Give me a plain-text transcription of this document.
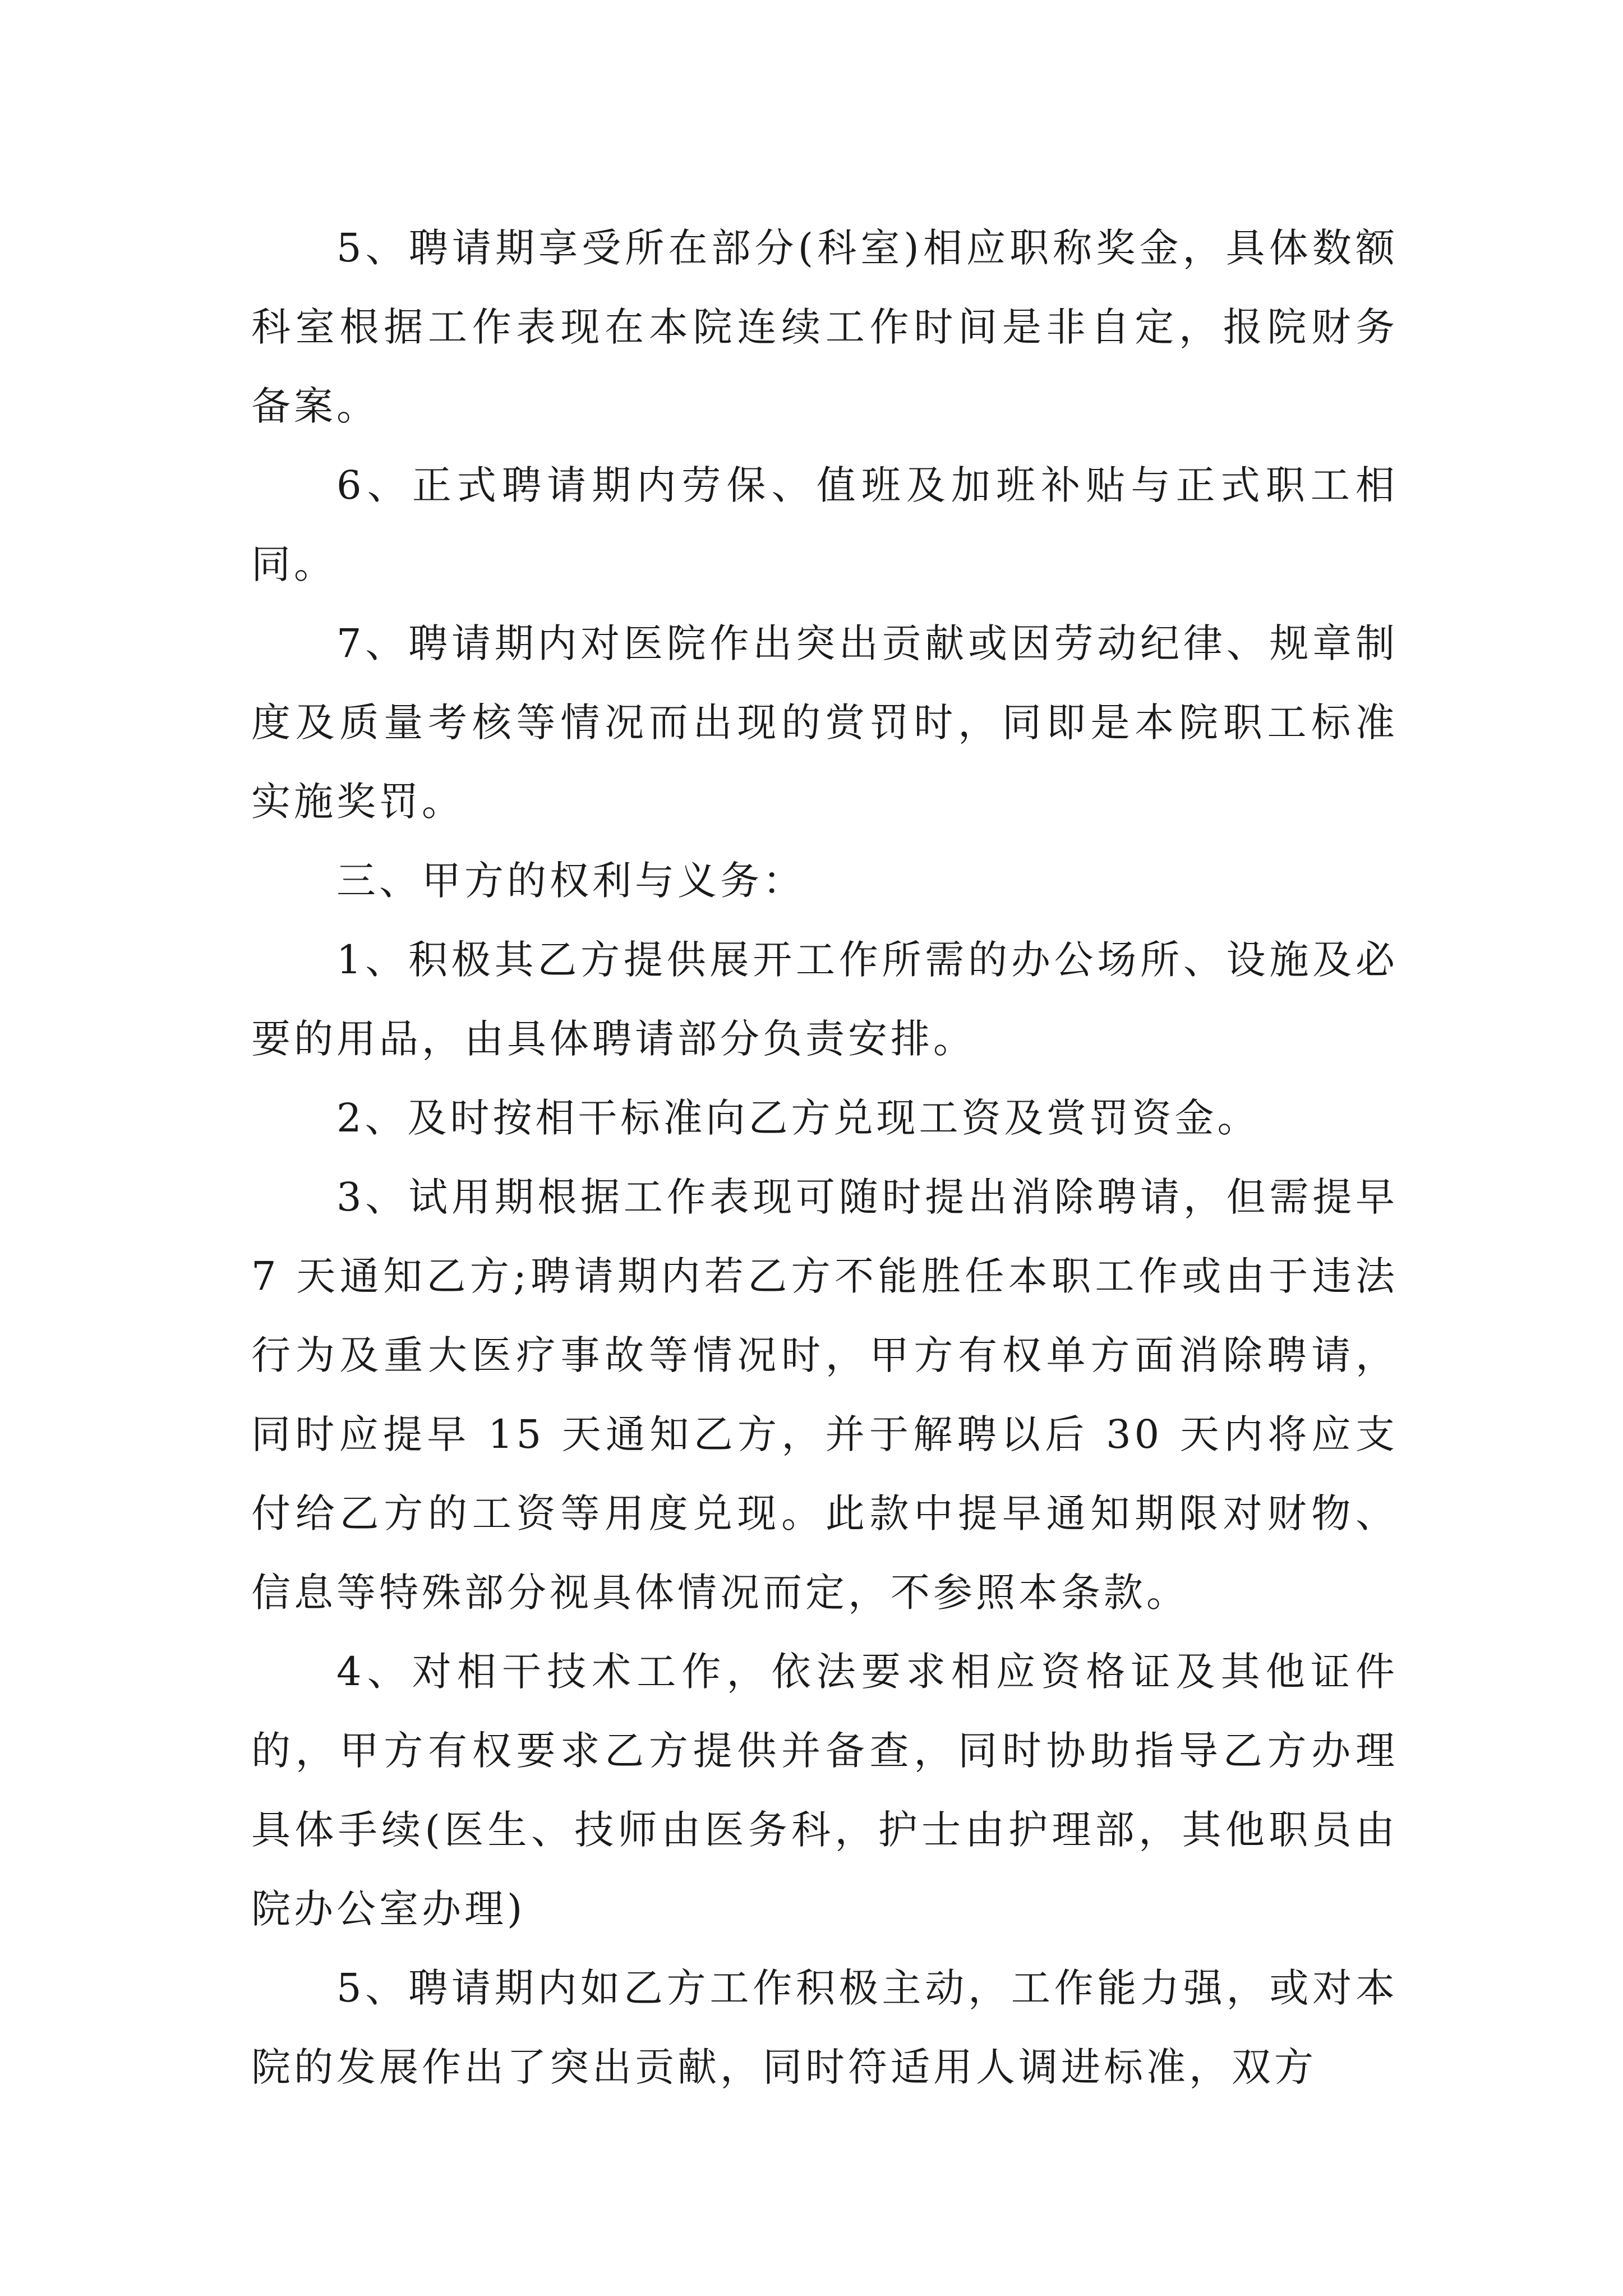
5、聘请期享受所在部分(科室)相应职称奖金，具体数额科室根据工作表现在本院连续工作时间是非自定，报院财务备案。

6、正式聘请期内劳保、值班及加班补贴与正式职工相同。

7、聘请期内对医院作出突出贡献或因劳动纪律、规章制度及质量考核等情况而出现的赏罚时，同即是本院职工标准实施奖罚。

三、甲方的权利与义务：

1、积极其乙方提供展开工作所需的办公场所、设施及必要的用品，由具体聘请部分负责安排。

2、及时按相干标准向乙方兑现工资及赏罚资金。

3、试用期根据工作表现可随时提出消除聘请，但需提早 7 天通知乙方;聘请期内若乙方不能胜任本职工作或由于违法行为及重大医疗事故等情况时，甲方有权单方面消除聘请，同时应提早 15 天通知乙方，并于解聘以后 30 天内将应支付给乙方的工资等用度兑现。此款中提早通知期限对财物、信息等特殊部分视具体情况而定，不参照本条款。

4、对相干技术工作，依法要求相应资格证及其他证件的，甲方有权要求乙方提供并备查，同时协助指导乙方办理具体手续(医生、技师由医务科，护士由护理部，其他职员由院办公室办理)

5、聘请期内如乙方工作积极主动，工作能力强，或对本院的发展作出了突出贡献，同时符适用人调进标准，双方
